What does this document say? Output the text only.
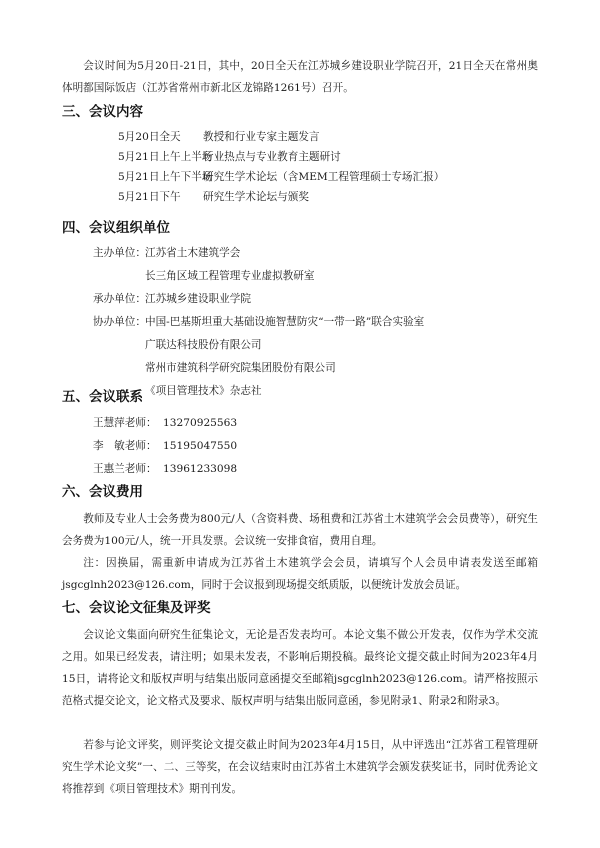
会议时间为5月20日-21日，其中，20日全天在江苏城乡建设职业学院召开，21日全天在常州奥体明都国际饭店（江苏省常州市新北区龙锦路1261号）召开。

三、会议内容
5月20日全天 教授和行业专家主题发言
5月21日上午上半场
行业热点与专业教育主题研讨
5月21日上午下半场
研究生学术论坛（含MEM工程管理硕士专场汇报）
5月21日下午 研究生学术论坛与颁奖
四、会议组织单位
主办单位： 江苏省土木建筑学会
长三角区域工程管理专业虚拟教研室
承办单位： 江苏城乡建设职业学院
协办单位： 中国-巴基斯坦重大基础设施智慧防灾“一带一路”联合实验室
广联达科技股份有限公司
常州市建筑科学研究院集团股份有限公司
《项目管理技术》杂志社
五、会议联系
王慧萍老师： 13270925563
李　敏老师： 15195047550
王惠兰老师： 13961233098
六、会议费用

教师及专业人士会务费为800元/人（含资料费、场租费和江苏省土木建筑学会会员费等），研究生会务费为100元/人，统一开具发票。会议统一安排食宿，费用自理。

注：因换届，需重新申请成为江苏省土木建筑学会会员，请填写个人会员申请表发送至邮箱jsgcglnh2023@126.com，同时于会议报到现场提交纸质版，以便统计发放会员证。

七、会议论文征集及评奖

会议论文集面向研究生征集论文，无论是否发表均可。本论文集不做公开发表，仅作为学术交流之用。如果已经发表，请注明；如果未发表，不影响后期投稿。最终论文提交截止时间为2023年4月15日，请将论文和版权声明与结集出版同意函提交至邮箱jsgcglnh2023@126.com。请严格按照示范格式提交论文，论文格式及要求、版权声明与结集出版同意函，参见附录1、附录2和附录3。

若参与论文评奖，则评奖论文提交截止时间为2023年4月15日，从中评选出“江苏省工程管理研究生学术论文奖”一、二、三等奖，在会议结束时由江苏省土木建筑学会颁发获奖证书，同时优秀论文将推荐到《项目管理技术》期刊刊发。
